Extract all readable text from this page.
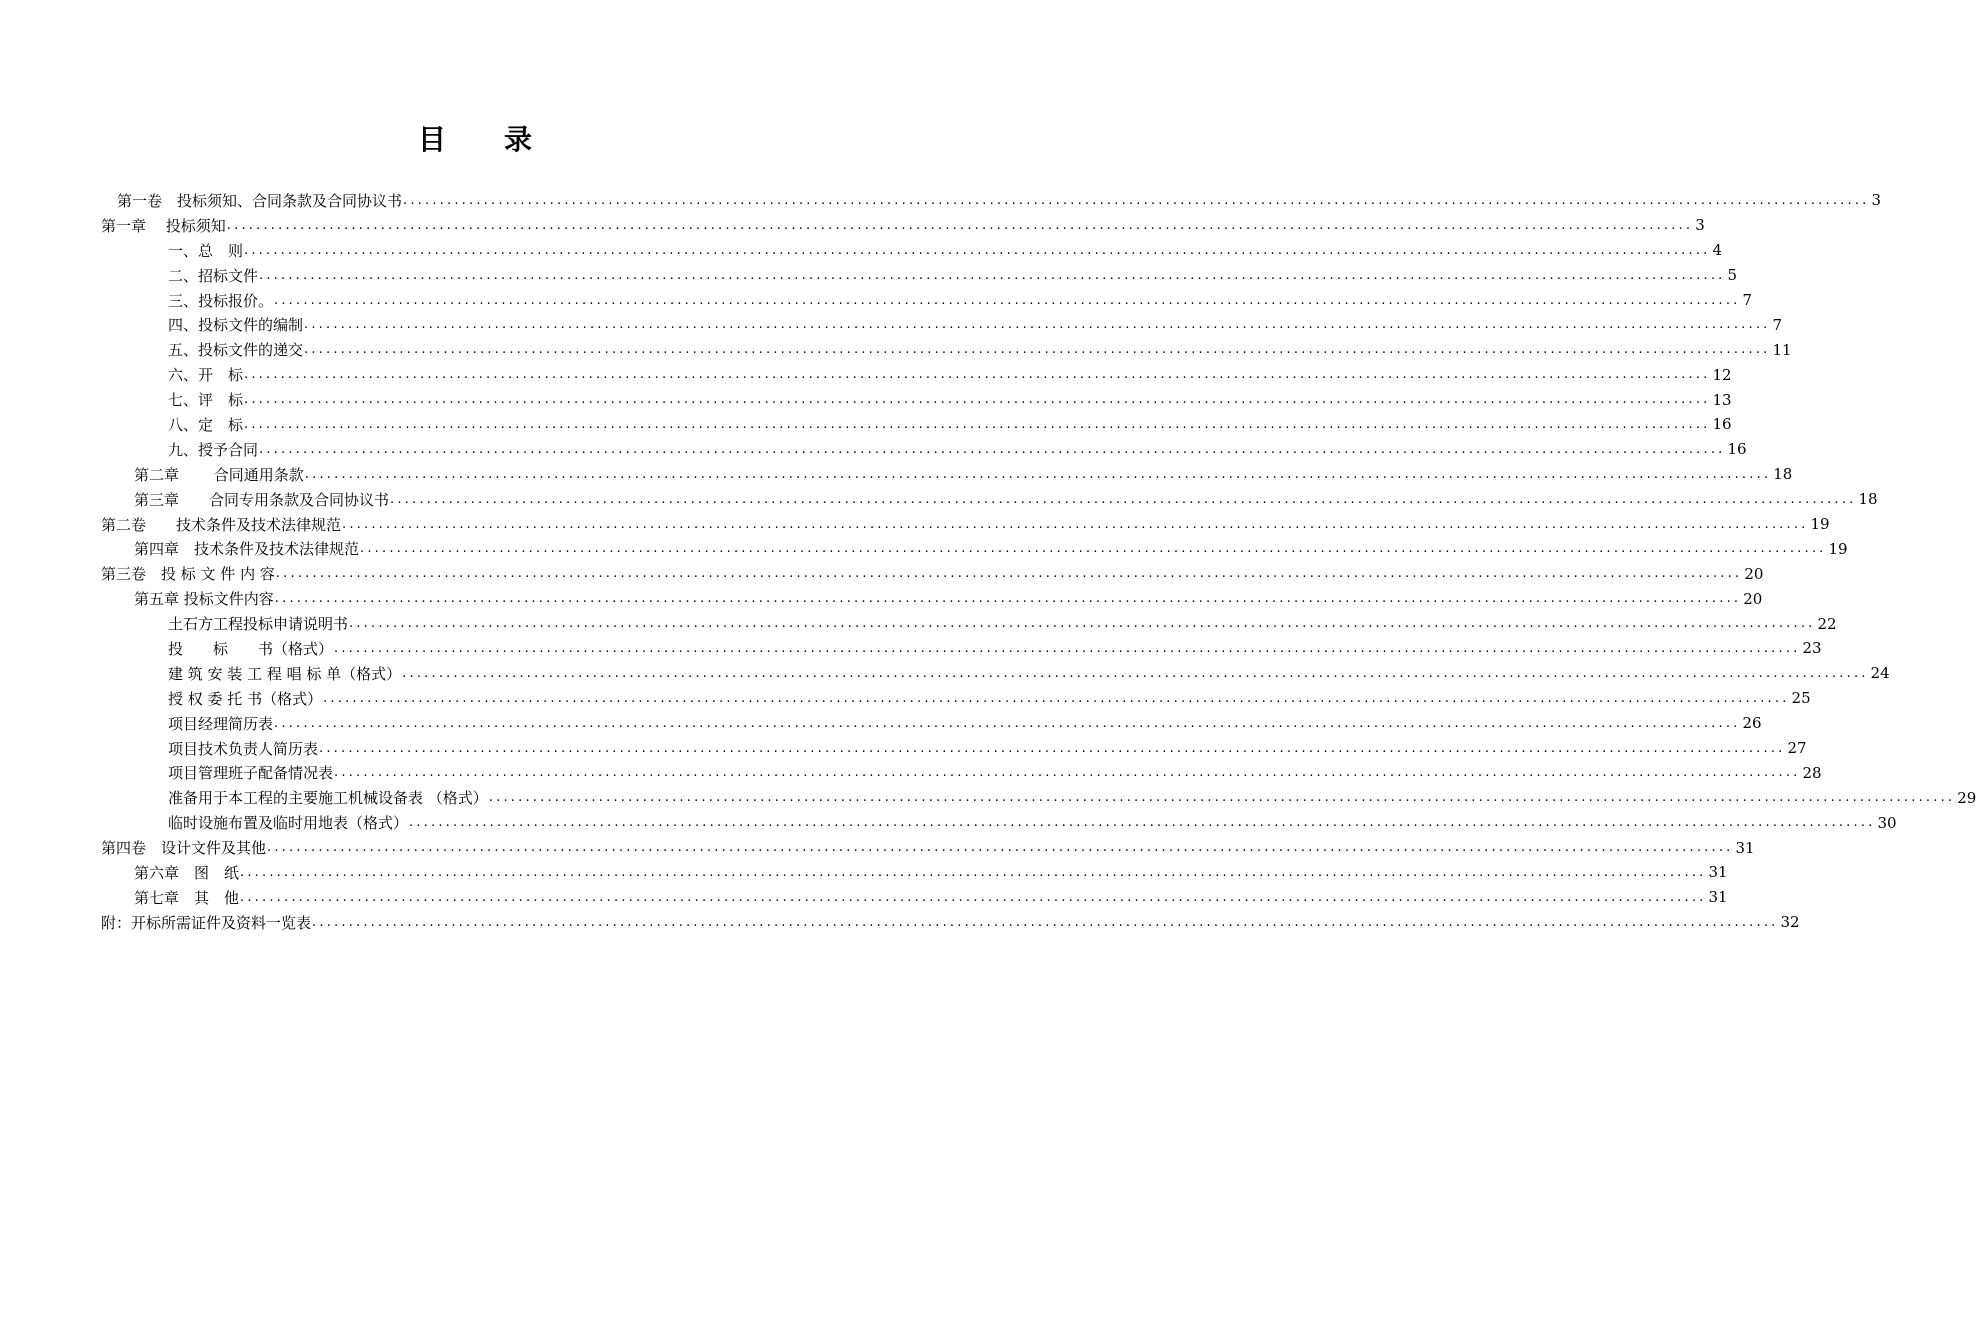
目 录
第一卷　投标须知、合同条款及合同协议书 ........................................................................................................................................................................................................ 3
第一章　 投标须知 ........................................................................................................................................................................................................ 3
一、总　则 ........................................................................................................................................................................................................ 4
二、招标文件 ........................................................................................................................................................................................................ 5
三、投标报价。 ........................................................................................................................................................................................................ 7
四、投标文件的编制 ........................................................................................................................................................................................................ 7
五、投标文件的递交 ........................................................................................................................................................................................................ 11
六、开　标 ........................................................................................................................................................................................................ 12
七、评　标 ........................................................................................................................................................................................................ 13
八、定　标 ........................................................................................................................................................................................................ 16
九、授予合同 ........................................................................................................................................................................................................ 16
第二章　　 合同通用条款 ........................................................................................................................................................................................................ 18
第三章　　合同专用条款及合同协议书 ........................................................................................................................................................................................................ 18
第二卷　　技术条件及技术法律规范 ........................................................................................................................................................................................................ 19
第四章　技术条件及技术法律规范 ........................................................................................................................................................................................................ 19
第三卷　投 标 文 件 内 容 ........................................................................................................................................................................................................ 20
第五章 投标文件内容 ........................................................................................................................................................................................................ 20
土石方工程投标申请说明书 ........................................................................................................................................................................................................ 22
投　　标　　书（格式） ........................................................................................................................................................................................................ 23
建 筑 安 装 工 程 唱 标 单（格式） ........................................................................................................................................................................................................ 24
授 权 委 托 书（格式） ........................................................................................................................................................................................................ 25
项目经理简历表 ........................................................................................................................................................................................................ 26
项目技术负责人简历表 ........................................................................................................................................................................................................ 27
项目管理班子配备情况表 ........................................................................................................................................................................................................ 28
准备用于本工程的主要施工机械设备表 （格式） ........................................................................................................................................................................................................ 29
临时设施布置及临时用地表（格式） ........................................................................................................................................................................................................ 30
第四卷　设计文件及其他 ........................................................................................................................................................................................................ 31
第六章　图　纸 ........................................................................................................................................................................................................ 31
第七章　其　他 ........................................................................................................................................................................................................ 31
附：开标所需证件及资料一览表 ........................................................................................................................................................................................................ 32
